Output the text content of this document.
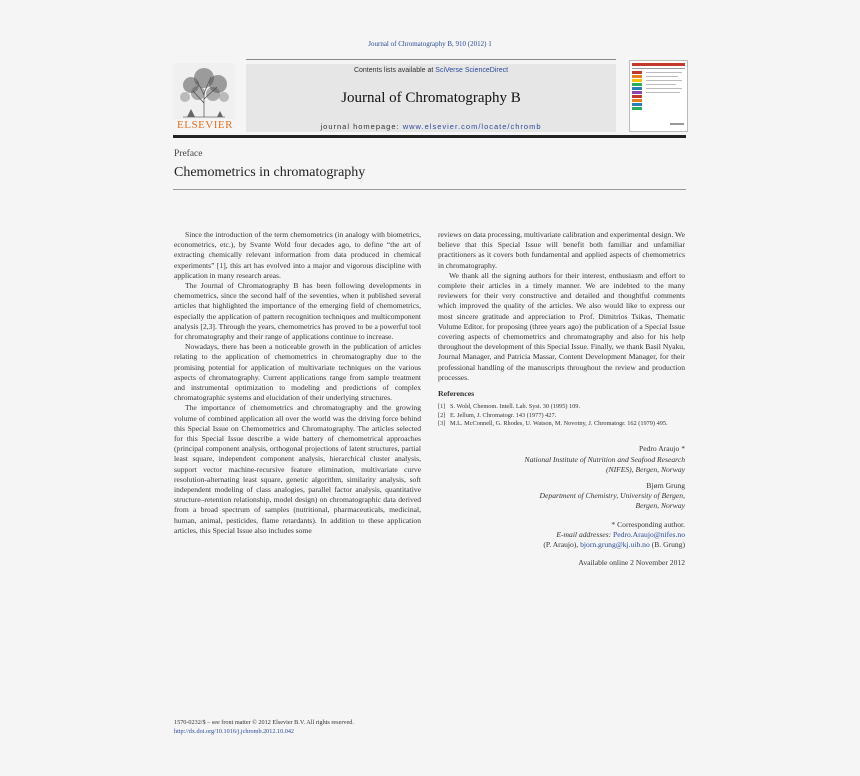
Journal of Chromatography B, 910 (2012) 1
ELSEVIER
Contents lists available at SciVerse ScienceDirect
Journal of Chromatography B
journal homepage: www.elsevier.com/locate/chromb
Preface
Chemometrics in chromatography

Since the introduction of the term chemometrics (in analogy with biometrics, econometrics, etc.), by Svante Wold four decades ago, to define “the art of extracting chemically relevant information from data produced in chemical experiments” [1], this art has evolved into a major and vigorous discipline with application in many research areas.

The Journal of Chromatography B has been following developments in chemometrics, since the second half of the seventies, when it published several articles that highlighted the importance of the emerging field of chemometrics, especially the application of pattern recognition techniques and multicomponent analysis [2,3]. Through the years, chemometrics has proved to be a powerful tool for chromatography and their range of applications continue to increase.

Nowadays, there has been a noticeable growth in the publication of articles relating to the application of chemometrics in chromatography due to the promising potential for application of multivariate techniques on the various aspects of chromatography. Current applications range from sample treatment and instrumental optimization to modeling and predictions of complex chromatographic systems and elucidation of their underlying structures.

The importance of chemometrics and chromatography and the growing volume of combined application all over the world was the driving force behind this Special Issue on Chemometrics and Chromatography. The articles selected for this Special Issue describe a wide battery of chemometrical approaches (principal component analysis, orthogonal projections of latent structures, partial least square, independent component analysis, hierarchical cluster analysis, support vector machine-recursive feature elimination, multivariate curve resolution-alternating least square, genetic algorithm, similarity analysis, soft independent modeling of class analogies, parallel factor analysis, quantitative structure–retention relationship, model design) on chromatographic data derived from a broad spectrum of samples (nutritional, pharmaceuticals, medicinal, human, animal, pesticides, flame retardants). In addition to these application articles, this Special Issue also includes some

reviews on data processing, multivariate calibration and experimental design. We believe that this Special Issue will benefit both familiar and unfamiliar practitioners as it covers both fundamental and applied aspects of chemometrics in chromatography.

We thank all the signing authors for their interest, enthusiasm and effort to complete their articles in a timely manner. We are indebted to the many reviewers for their very constructive and detailed and thoughtful comments which improved the quality of the articles. We also would like to express our most sincere gratitude and appreciation to Prof. Dimitrios Tsikas, Thematic Volume Editor, for proposing (three years ago) the publication of a Special Issue covering aspects of chemometrics and chromatography and also for his help throughout the development of this Special Issue. Finally, we thank Basil Nyaku, Journal Manager, and Patricia Massar, Content Development Manager, for their professional handling of the manuscripts throughout the review and production processes.

References
[1] S. Wold, Chemom. Intell. Lab. Syst. 30 (1995) 109.
[2] E. Jellum, J. Chromatogr. 143 (1977) 427.
[3] M.L. McConnell, G. Rhodes, U. Watson, M. Novotny, J. Chromatogr. 162 (1979) 495.
Pedro Araujo *
National Institute of Nutrition and Seafood Research
(NIFES), Bergen, Norway
Bjørn Grung
Department of Chemistry, University of Bergen,
Bergen, Norway
* Corresponding author.
E-mail addresses: Pedro.Araujo@nifes.no
(P. Araujo), bjorn.grung@kj.uib.no (B. Grung)
Available online 2 November 2012
1570-0232/$ – see front matter © 2012 Elsevier B.V. All rights reserved.
http://dx.doi.org/10.1016/j.jchromb.2012.10.042
